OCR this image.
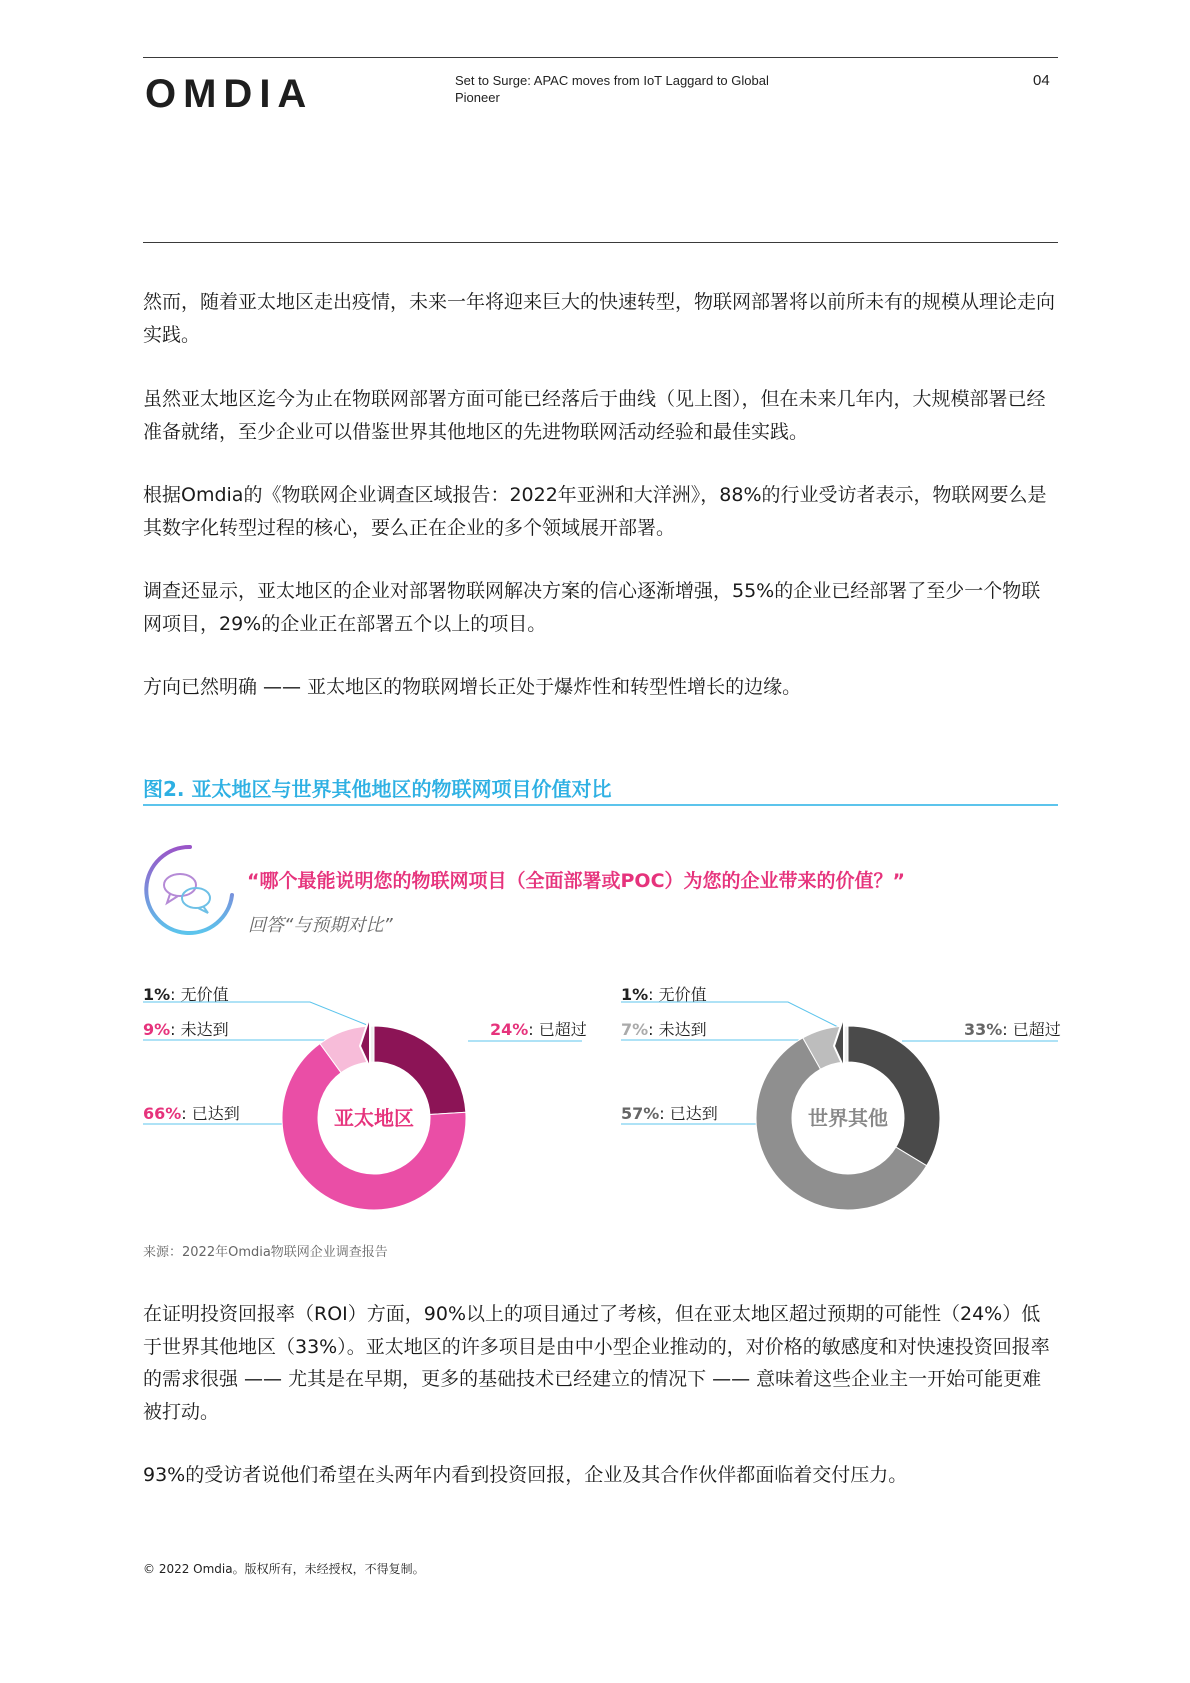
OMDIA	Set to Surge: APAC moves from IoT Laggard to Global Pioneer
04
然而，随着亚太地区走出疫情，未来一年将迎来巨大的快速转型，物联网部署将以前所未有的规模从理论走向实践。
虽然亚太地区迄今为止在物联网部署方面可能已经落后于曲线（见上图），但在未来几年内，大规模部署已经准备就绪，至少企业可以借鉴世界其他地区的先进物联网活动经验和最佳实践。
根据Omdia的《物联网企业调查区域报告：2022年亚洲和大洋洲》，88%的行业受访者表示，物联网要么是其数字化转型过程的核心，要么正在企业的多个领域展开部署。
调查还显示，亚太地区的企业对部署物联网解决方案的信心逐渐增强，55%的企业已经部署了至少一个物联网项目，29%的企业正在部署五个以上的项目。
方向已然明确 —— 亚太地区的物联网增长正处于爆炸性和转型性增长的边缘。
图2. 亚太地区与世界其他地区的物联网项目价值对比
“哪个最能说明您的物联网项目（全面部署或POC）为您的企业带来的价值？”
回答“与预期对比”
亚太地区	世界其他
1%: 无价值
9%: 未达到	24%: 已超过
66%: 已达到
1%: 无价值
7%: 未达到	33%: 已超过
57%: 已达到
来源：2022年Omdia物联网企业调查报告
在证明投资回报率（ROI）方面，90%以上的项目通过了考核，但在亚太地区超过预期的可能性（24%）低于世界其他地区（33%）。亚太地区的许多项目是由中小型企业推动的，对价格的敏感度和对快速投资回报率的需求很强 —— 尤其是在早期，更多的基础技术已经建立的情况下 —— 意味着这些企业主一开始可能更难被打动。
93%的受访者说他们希望在头两年内看到投资回报，企业及其合作伙伴都面临着交付压力。
© 2022 Omdia。版权所有，未经授权，不得复制。
